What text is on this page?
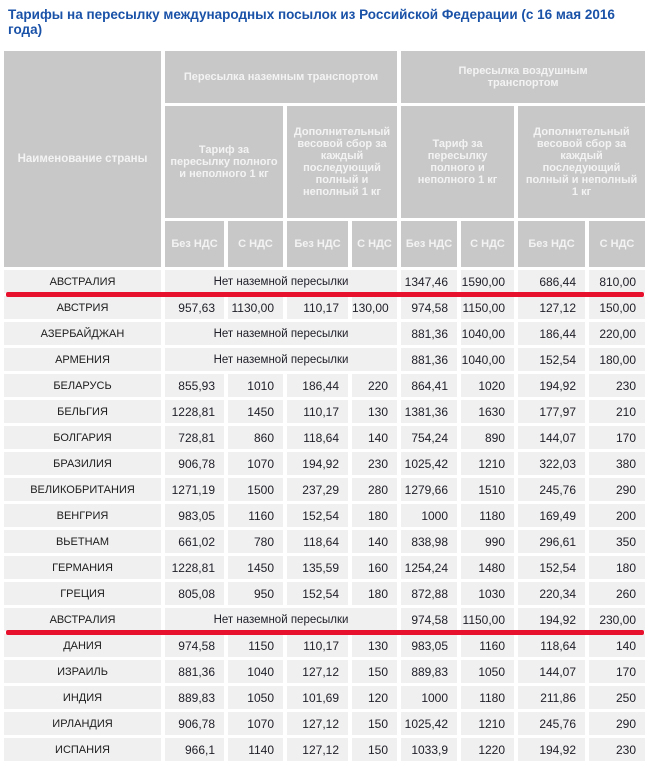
Тарифы на пересылку международных посылок из Российской Федерации (с 16 мая 2016 года)
Наименование страны	Пересылка наземным транспортом				Пересылка воздушным транспортом			
	Тариф за пересылку полного и неполного 1 кг		Дополнительный весовой сбор за каждый последующий полный и неполный 1 кг		Тариф за пересылку полного и неполного 1 кг		Дополнительный весовой сбор за каждый последующий полный и неполный 1 кг	
	Без НДС	С НДС	Без НДС	С НДС	Без НДС	С НДС	Без НДС	С НДС
АВСТРАЛИЯ	Нет наземной пересылки				1347,46	1590,00	686,44	810,00
АВСТРИЯ	957,63	1130,00	110,17	130,00	974,58	1150,00	127,12	150,00
АЗЕРБАЙДЖАН	Нет наземной пересылки				881,36	1040,00	186,44	220,00
АРМЕНИЯ	Нет наземной пересылки				881,36	1040,00	152,54	180,00
БЕЛАРУСЬ	855,93	1010	186,44	220	864,41	1020	194,92	230
БЕЛЬГИЯ	1228,81	1450	110,17	130	1381,36	1630	177,97	210
БОЛГАРИЯ	728,81	860	118,64	140	754,24	890	144,07	170
БРАЗИЛИЯ	906,78	1070	194,92	230	1025,42	1210	322,03	380
ВЕЛИКОБРИТАНИЯ	1271,19	1500	237,29	280	1279,66	1510	245,76	290
ВЕНГРИЯ	983,05	1160	152,54	180	1000	1180	169,49	200
ВЬЕТНАМ	661,02	780	118,64	140	838,98	990	296,61	350
ГЕРМАНИЯ	1228,81	1450	135,59	160	1254,24	1480	152,54	180
ГРЕЦИЯ	805,08	950	152,54	180	872,88	1030	220,34	260
АВСТРАЛИЯ	Нет наземной пересылки				974,58	1150,00	194,92	230,00
ДАНИЯ	974,58	1150	110,17	130	983,05	1160	118,64	140
ИЗРАИЛЬ	881,36	1040	127,12	150	889,83	1050	144,07	170
ИНДИЯ	889,83	1050	101,69	120	1000	1180	211,86	250
ИРЛАНДИЯ	906,78	1070	127,12	150	1025,42	1210	245,76	290
ИСПАНИЯ	966,1	1140	127,12	150	1033,9	1220	194,92	230
